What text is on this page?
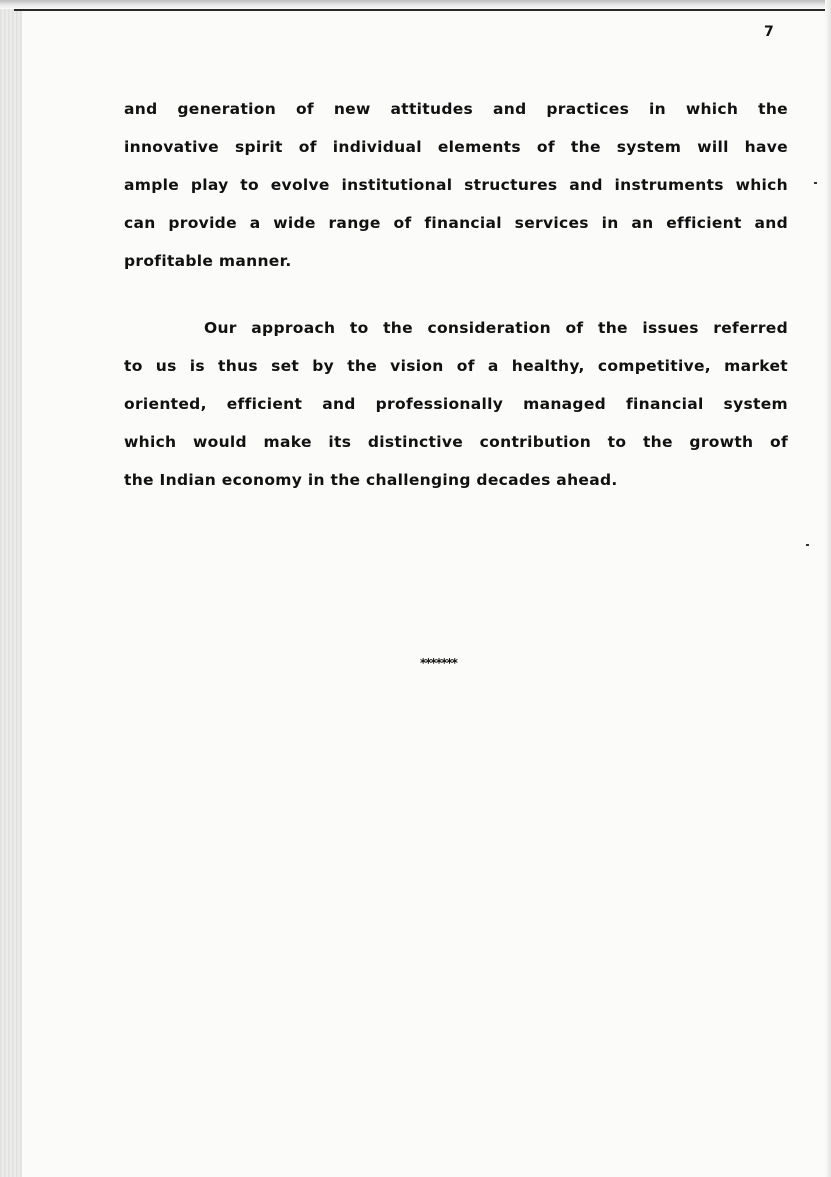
7
and generation of new attitudes and practices in which the
innovative spirit of individual elements of the system will have
ample play to evolve institutional structures and instruments which
can provide a wide range of financial services in an efficient and
profitable manner.
Our approach to the consideration of the issues referred
to us is thus set by the vision of a healthy, competitive, market
oriented, efficient and professionally managed financial system
which would make its distinctive contribution to the growth of
the Indian economy in the challenging decades ahead.
*******
